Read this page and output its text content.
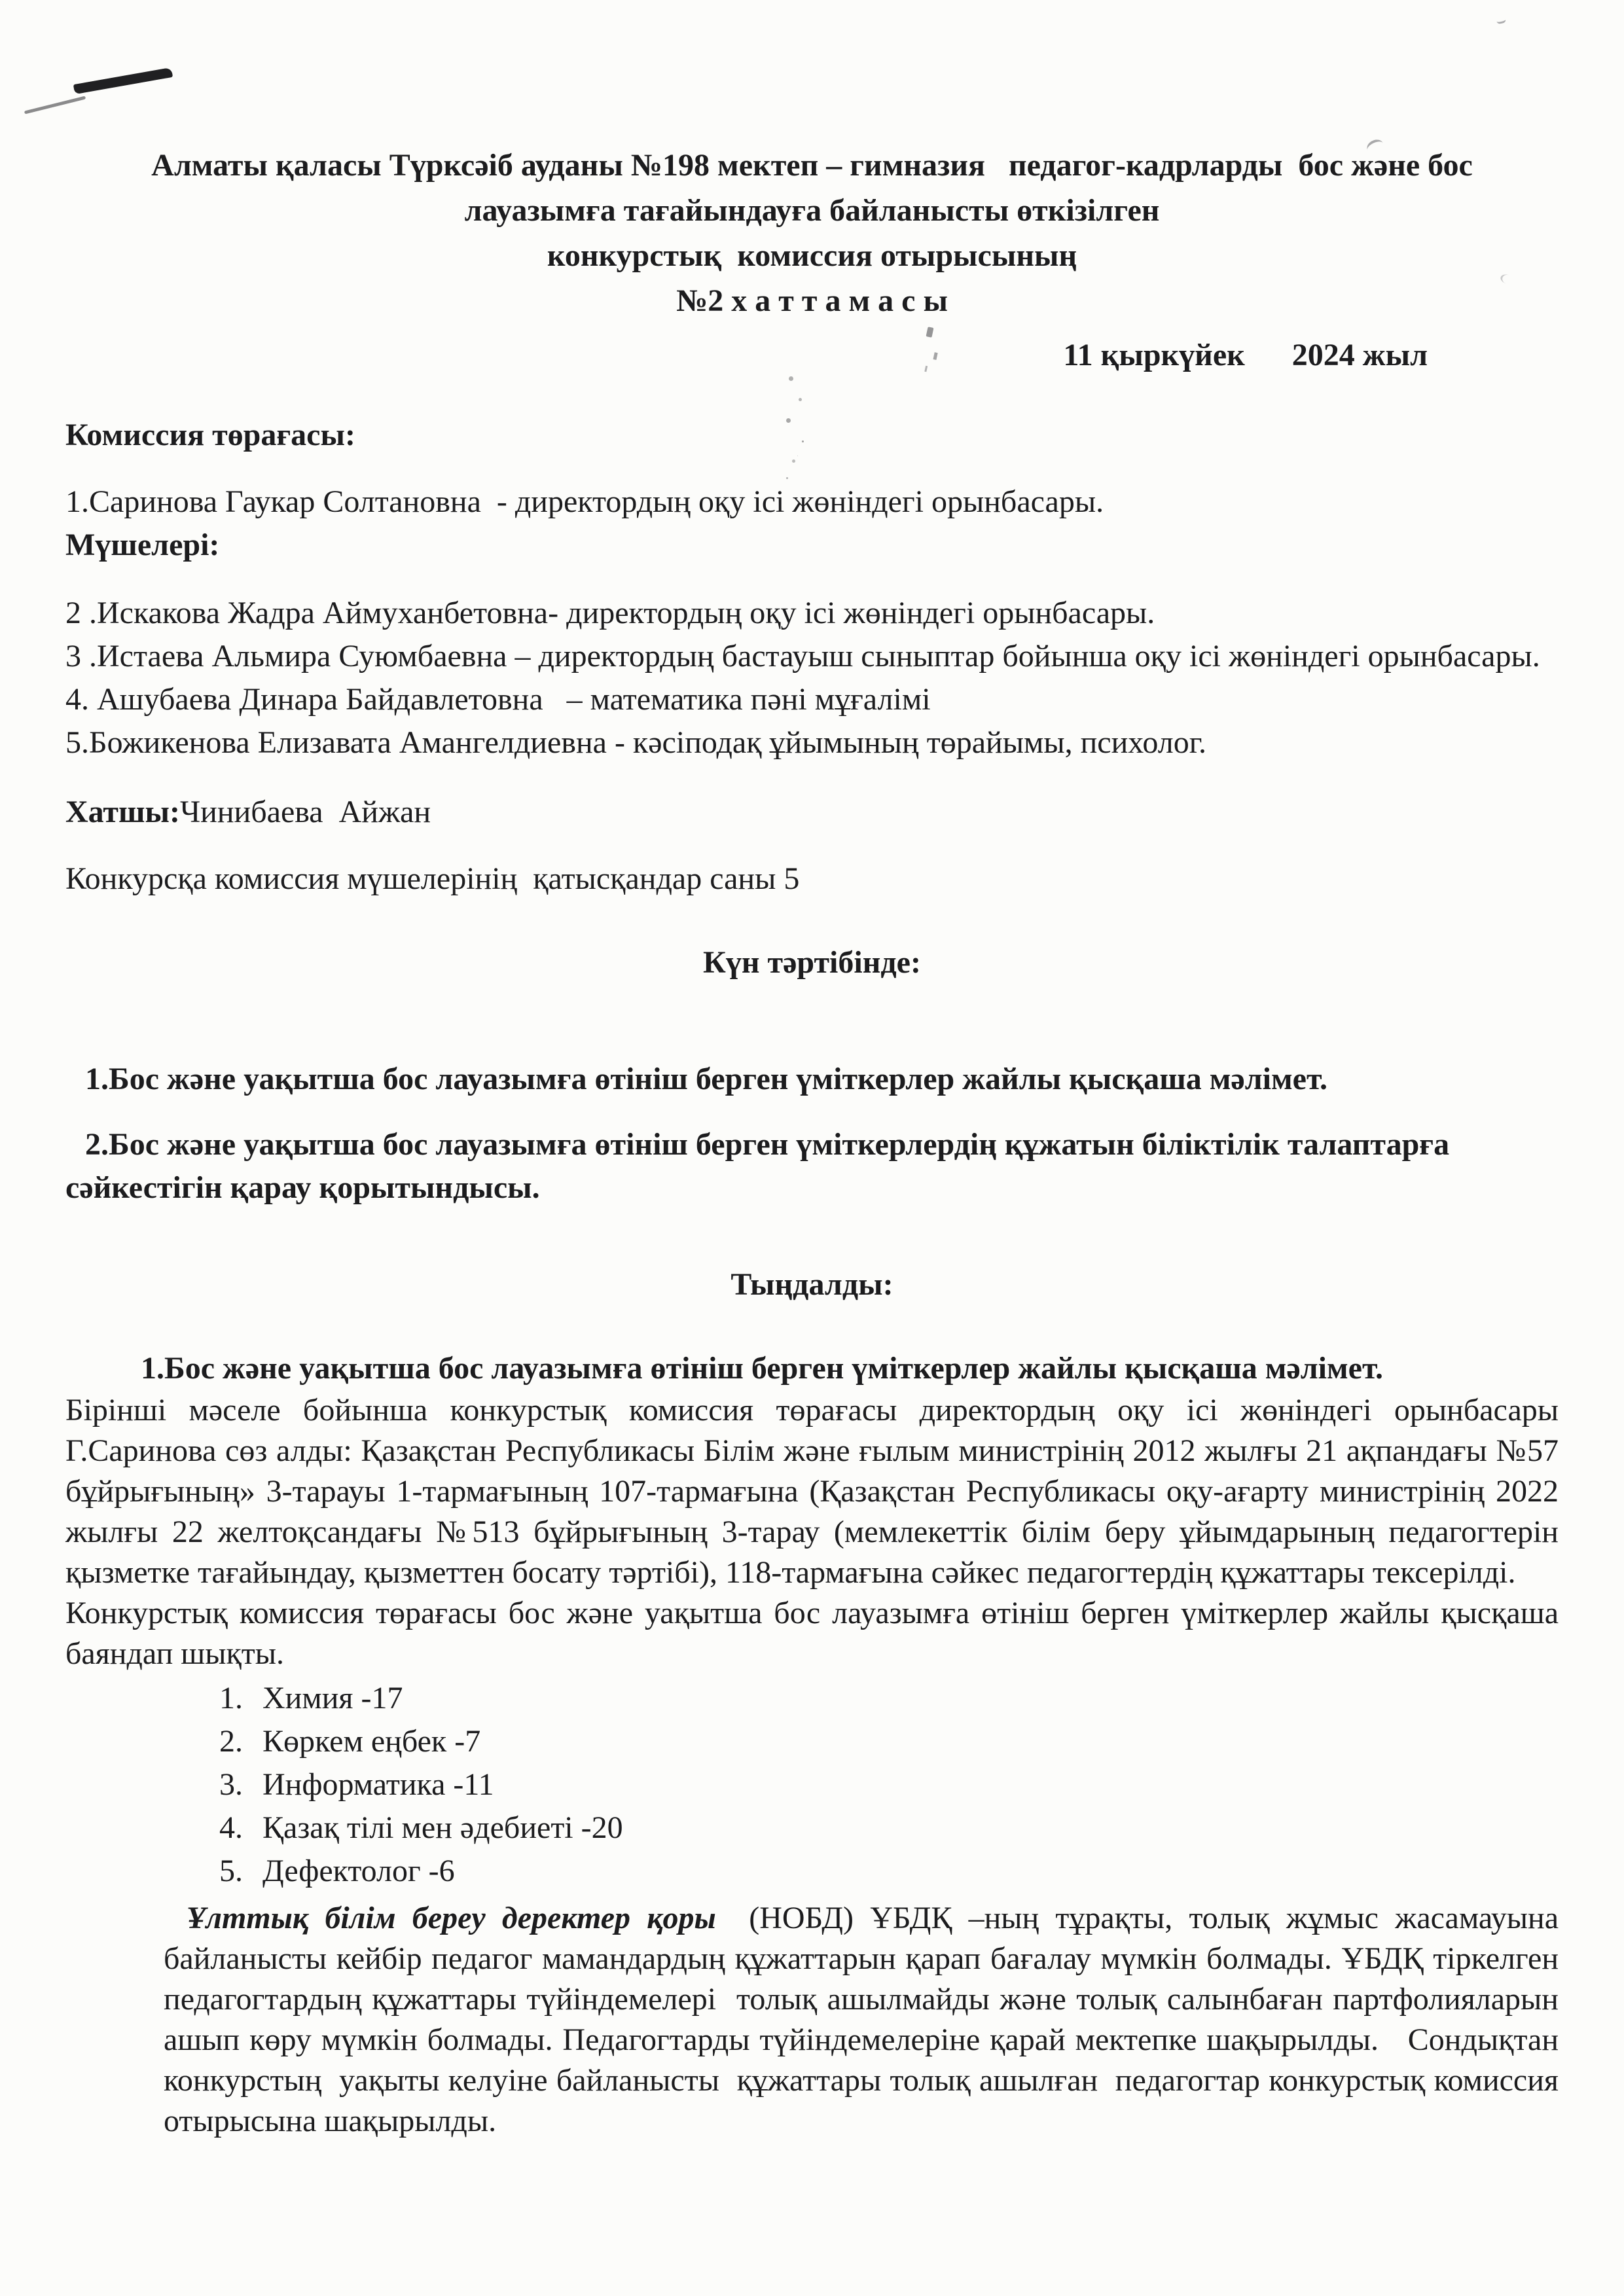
Алматы қаласы Түрксәіб ауданы №198 мектеп – гимназия   педагог-кадрларды  бос және бос

лауазымға тағайындауға байланысты өткізілген

конкурстық  комиссия отырысының

№2 х а т т а м а с ы

11 қыркүйек      2024 жыл

Комиссия төрағасы:

1.Саринова Гаукар Солтановна  - директордың оқу ісі жөніндегі орынбасары.

Мүшелері:

2 .Искакова Жадра Аймуханбетовна- директордың оқу ісі жөніндегі орынбасары.

3 .Истаева Альмира Суюмбаевна – директордың бастауыш сыныптар бойынша оқу ісі жөніндегі орынбасары.

4. Ашубаева Динара Байдавлетовна   – математика пәні мұғалімі

5.Божикенова Елизавата Амангелдиевна - кәсіподақ ұйымының төрайымы, психолог.

Хатшы:Чинибаева  Айжан

Конкурсқа комиссия мүшелерінің  қатысқандар саны 5

Күн тәртібінде:

1.Бос және уақытша бос лауазымға өтініш берген үміткерлер жайлы қысқаша мәлімет.

2.Бос және уақытша бос лауазымға өтініш берген үміткерлердің құжатын біліктілік талаптарға сәйкестігін қарау қорытындысы.

Тыңдалды:

1.Бос және уақытша бос лауазымға өтініш берген үміткерлер жайлы қысқаша мәлімет.

Бірінші мәселе бойынша конкурстық комиссия төрағасы директордың оқу ісі жөніндегі орынбасары Г.Саринова сөз алды: Қазақстан Республикасы Білім және ғылым министрінің 2012 жылғы 21 ақпандағы №57 бұйрығының» 3-тарауы 1-тармағының 107-тармағына (Қазақстан Республикасы оқу-ағарту министрінің 2022 жылғы 22 желтоқсандағы №513 бұйрығының 3-тарау (мемлекеттік білім беру ұйымдарының педагогтерін қызметке тағайындау, қызметтен босату тәртібі), 118-тармағына сәйкес педагогтердің құжаттары тексерілді.

Конкурстық комиссия төрағасы бос және уақытша бос лауазымға өтініш берген үміткерлер жайлы қысқаша баяндап шықты.

1. Химия -17

2. Көркем еңбек -7

3. Информатика -11

4. Қазақ тілі мен әдебиеті -20

5. Дефектолог -6

Ұлттық білім береу деректер қоры  (НОБД) ҰБДҚ –ның тұрақты, толық жұмыс жасамауына байланысты кейбір педагог мамандардың құжаттарын қарап бағалау мүмкін болмады. ҰБДҚ тіркелген педагогтардың құжаттары түйіндемелері  толық ашылмайды және толық салынбаған партфолияларын ашып көру мүмкін болмады. Педагогтарды түйіндемелеріне қарай мектепке шақырылды.   Сондықтан конкурстың  уақыты келуіне байланысты  құжаттары толық ашылған  педагогтар конкурстық комиссия  отырысына шақырылды.
